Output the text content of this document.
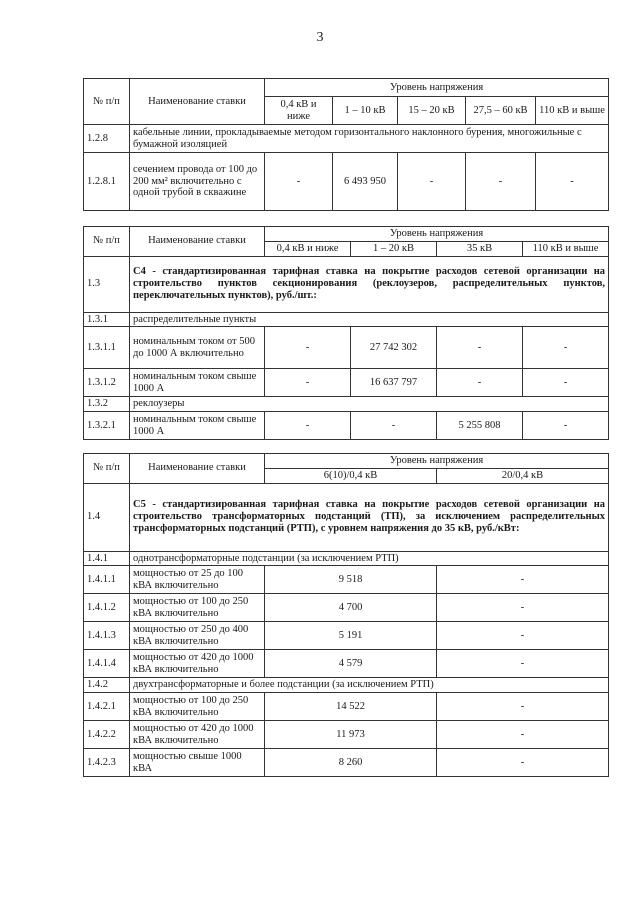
3
№ п/п	Наименование ставки	Уровень напряжения				
		0,4 кВ и ниже	1 – 10 кВ	15 – 20 кВ	27,5 – 60 кВ	110 кВ и выше
1.2.8	кабельные линии, прокладываемые методом горизонтального наклонного бурения, многожильные с бумажной изоляцией					
1.2.8.1	сечением провода от 100 до 200 мм² включительно с одной трубой в скважине	-	6 493 950	-	-	-
№ п/п	Наименование ставки	Уровень напряжения			
		0,4 кВ и ниже	1 – 20 кВ	35 кВ	110 кВ и выше
1.3	С4 - стандартизированная тарифная ставка на покрытие расходов сетевой организации на строительство пунктов секционирования (реклоузеров, распределительных пунктов, переключательных пунктов), руб./шт.:				
1.3.1	распределительные пункты				
1.3.1.1	номинальным током от 500 до 1000 А включительно	-	27 742 302	-	-
1.3.1.2	номинальным током свыше 1000 А	-	16 637 797	-	-
1.3.2	реклоузеры				
1.3.2.1	номинальным током свыше 1000 А	-	-	5 255 808	-
№ п/п	Наименование ставки	Уровень напряжения	
		6(10)/0,4 кВ	20/0,4 кВ
1.4	С5 - стандартизированная тарифная ставка на покрытие расходов сетевой организации на строительство трансформаторных подстанций (ТП), за исключением распределительных трансформаторных подстанций (РТП), с уровнем напряжения до 35 кВ, руб./кВт:		
1.4.1	однотрансформаторные подстанции (за исключением РТП)		
1.4.1.1	мощностью от 25 до 100 кВА включительно	9 518	-
1.4.1.2	мощностью от 100 до 250 кВА включительно	4 700	-
1.4.1.3	мощностью от 250 до 400 кВА включительно	5 191	-
1.4.1.4	мощностью от 420 до 1000 кВА включительно	4 579	-
1.4.2	двухтрансформаторные и более подстанции (за исключением РТП)		
1.4.2.1	мощностью от 100 до 250 кВА включительно	14 522	-
1.4.2.2	мощностью от 420 до 1000 кВА включительно	11 973	-
1.4.2.3	мощностью свыше 1000 кВА	8 260	-
